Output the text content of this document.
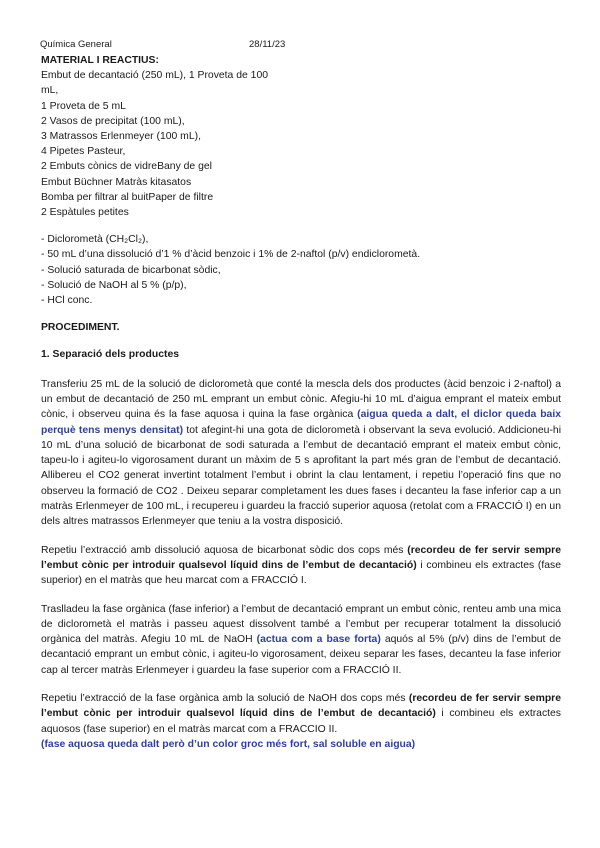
Química General	28/11/23
MATERIAL I REACTIUS:
Embut de decantació (250 mL), 1 Proveta de 100
mL,
1 Proveta de 5 mL
2 Vasos de precipitat (100 mL),
3 Matrassos Erlenmeyer (100 mL),
4 Pipetes Pasteur,
2 Embuts cònics de vidreBany de gel
Embut Büchner Matràs kitasatos
Bomba per filtrar al buitPaper de filtre
2 Espàtules petites
- Diclorometà (CH₂Cl₂),
- 50 mL d’una dissolució d’1 % d’àcid benzoic i 1% de 2-naftol (p/v) endiclorometà.
- Solució saturada de bicarbonat sòdic,
- Solució de NaOH al 5 % (p/p),
- HCl conc.
PROCEDIMENT.
1. Separació dels productes

Transferiu 25 mL de la solució de diclorometà que conté la mescla dels dos productes (àcid benzoic i 2-naftol) a un embut de decantació de 250 mL emprant un embut cònic. Afegiu-hi 10 mL d’aigua emprant el mateix embut cònic, i observeu quina és la fase aquosa i quina la fase orgànica (aigua queda a dalt, el diclor queda baix perquè tens menys densitat) tot afegint-hi una gota de diclorometà i observant la seva evolució. Addicioneu-hi 10 mL d’una solució de bicarbonat de sodi saturada a l’embut de decantació emprant el mateix embut cònic, tapeu-lo i agiteu-lo vigorosament durant un màxim de 5 s aprofitant la part més gran de l’embut de decantació. Allibereu el CO2 generat invertint totalment l’embut i obrint la clau lentament, i repetiu l’operació fins que no observeu la formació de CO2 . Deixeu separar completament les dues fases i decanteu la fase inferior cap a un matràs Erlenmeyer de 100 mL, i recupereu i guardeu la fracció superior aquosa (retolat com a FRACCIÓ I) en un dels altres matrassos Erlenmeyer que teniu a la vostra disposició.

Repetiu l’extracció amb dissolució aquosa de bicarbonat sòdic dos cops més (recordeu de fer servir sempre l’embut cònic per introduir qualsevol líquid dins de l’embut de decantació) i combineu els extractes (fase superior) en el matràs que heu marcat com a FRACCIÓ I.

Traslladeu la fase orgànica (fase inferior) a l’embut de decantació emprant un embut cònic, renteu amb una mica de diclorometà el matràs i passeu aquest dissolvent també a l’embut per recuperar totalment la dissolució orgànica del matràs. Afegiu 10 mL de NaOH (actua com a base forta) aquós al 5% (p/v) dins de l’embut de decantació emprant un embut cònic, i agiteu-lo vigorosament, deixeu separar les fases, decanteu la fase inferior cap al tercer matràs Erlenmeyer i guardeu la fase superior com a FRACCIÓ II.

Repetiu l’extracció de la fase orgànica amb la solució de NaOH dos cops més (recordeu de fer servir sempre l’embut cònic per introduir qualsevol líquid dins de l’embut de decantació) i combineu els extractes aquosos (fase superior) en el matràs marcat com a FRACCIO II.
(fase aquosa queda dalt però d’un color groc més fort, sal soluble en aigua)
